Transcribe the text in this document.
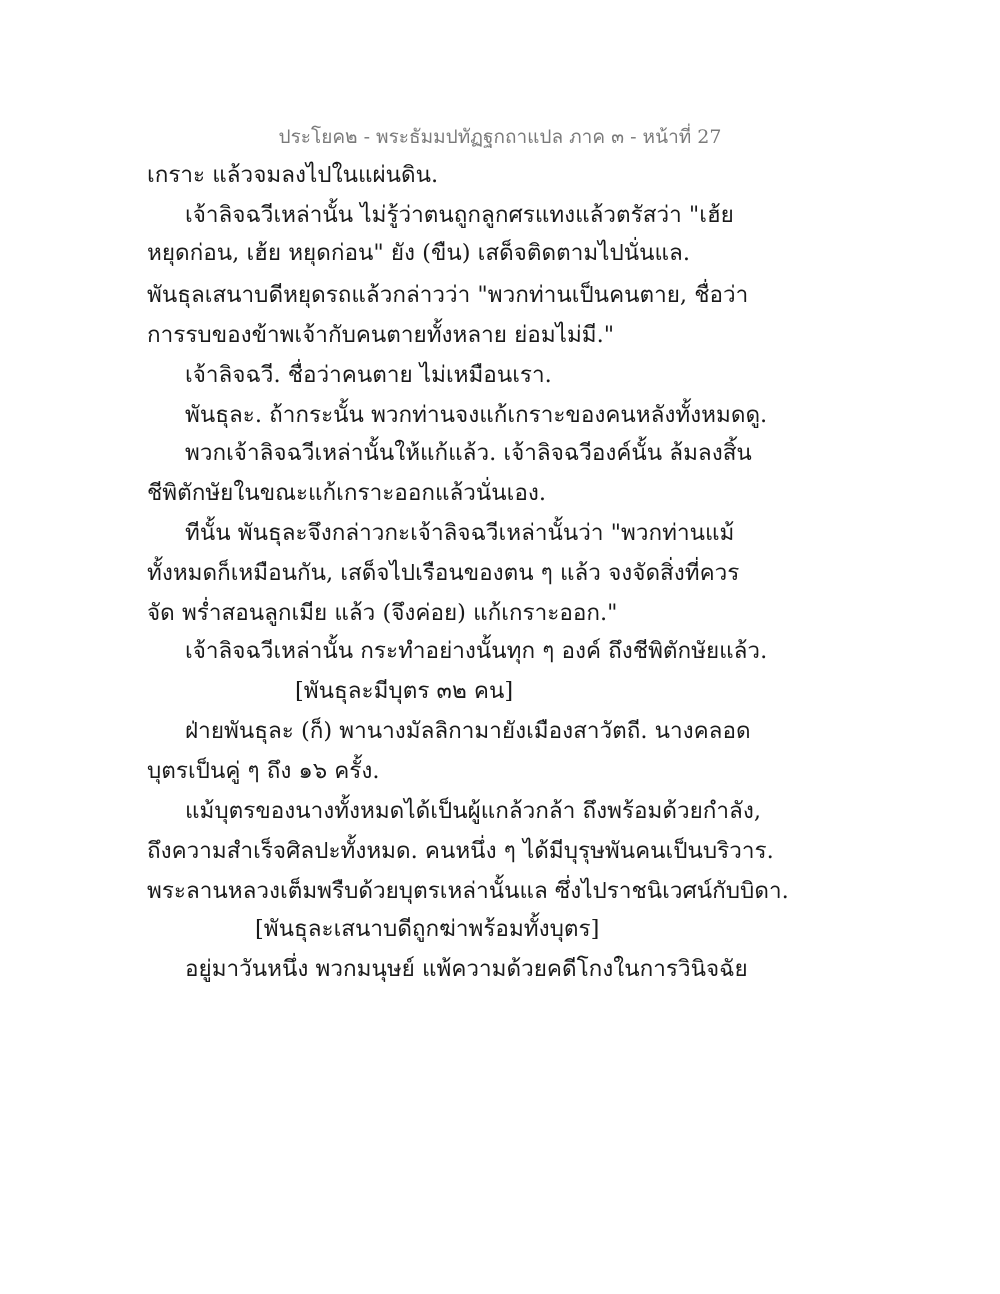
ประโยค๒ - พระธัมมปทัฏฐกถาแปล ภาค ๓ - หน้าที่ 27
เกราะ แล้วจมลงไปในแผ่นดิน.
เจ้าลิจฉวีเหล่านั้น ไม่รู้ว่าตนถูกลูกศรแทงแล้วตรัสว่า "เฮ้ย
หยุดก่อน, เฮ้ย หยุดก่อน" ยัง (ขืน) เสด็จติดตามไปนั่นแล.
พันธุลเสนาบดีหยุดรถแล้วกล่าวว่า "พวกท่านเป็นคนตาย, ชื่อว่า
การรบของข้าพเจ้ากับคนตายทั้งหลาย ย่อมไม่มี."
เจ้าลิจฉวี. ชื่อว่าคนตาย ไม่เหมือนเรา.
พันธุละ. ถ้ากระนั้น พวกท่านจงแก้เกราะของคนหลังทั้งหมดดู.
พวกเจ้าลิจฉวีเหล่านั้นให้แก้แล้ว. เจ้าลิจฉวีองค์นั้น ล้มลงสิ้น
ชีพิตักษัยในขณะแก้เกราะออกแล้วนั่นเอง.
ทีนั้น พันธุละจึงกล่าวกะเจ้าลิจฉวีเหล่านั้นว่า "พวกท่านแม้
ทั้งหมดก็เหมือนกัน, เสด็จไปเรือนของตน ๆ แล้ว จงจัดสิ่งที่ควร
จัด พร่ำสอนลูกเมีย แล้ว (จึงค่อย) แก้เกราะออก."
เจ้าลิจฉวีเหล่านั้น กระทำอย่างนั้นทุก ๆ องค์ ถึงชีพิตักษัยแล้ว.
[พันธุละมีบุตร ๓๒ คน]
ฝ่ายพันธุละ (ก็) พานางมัลลิกามายังเมืองสาวัตถี. นางคลอด
บุตรเป็นคู่ ๆ ถึง ๑๖ ครั้ง.
แม้บุตรของนางทั้งหมดได้เป็นผู้แกล้วกล้า ถึงพร้อมด้วยกำลัง,
ถึงความสำเร็จศิลปะทั้งหมด. คนหนึ่ง ๆ ได้มีบุรุษพันคนเป็นบริวาร.
พระลานหลวงเต็มพรืบด้วยบุตรเหล่านั้นแล ซึ่งไปราชนิเวศน์กับบิดา.
[พันธุละเสนาบดีถูกฆ่าพร้อมทั้งบุตร]
อยู่มาวันหนึ่ง พวกมนุษย์ แพ้ความด้วยคดีโกงในการวินิจฉัย
